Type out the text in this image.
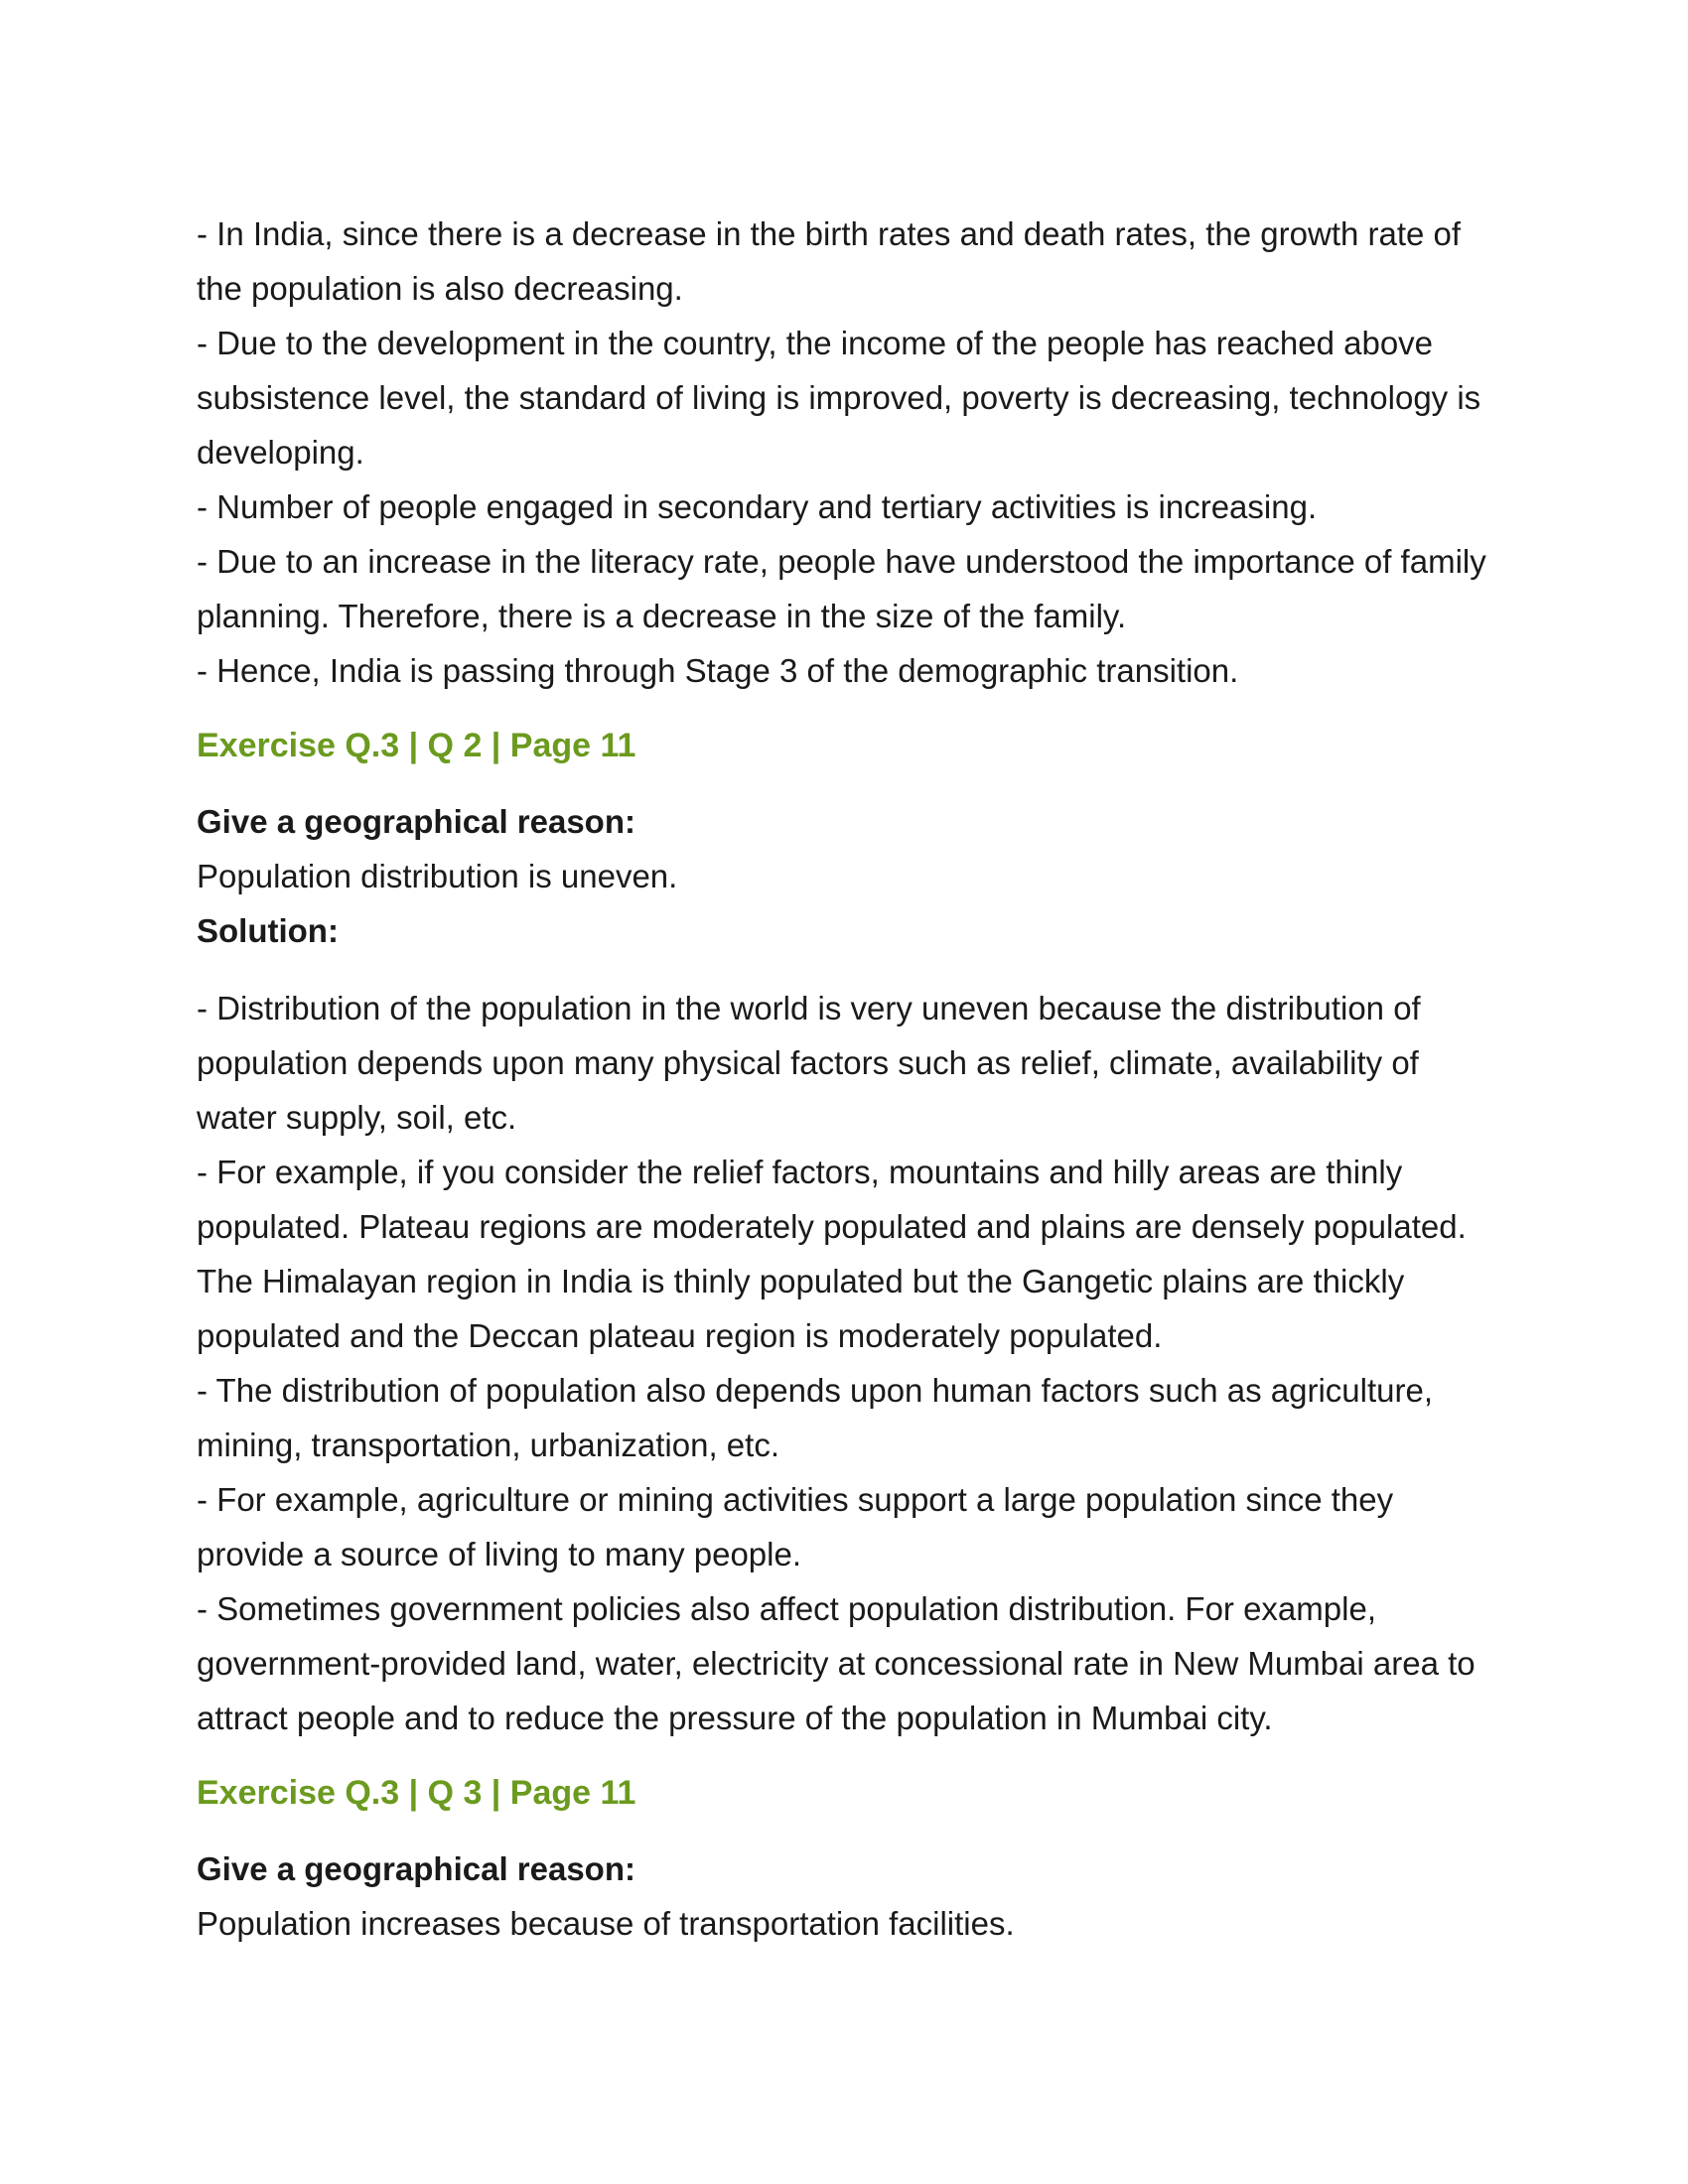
- In India, since there is a decrease in the birth rates and death rates, the growth rate of the population is also decreasing.

- Due to the development in the country, the income of the people has reached above subsistence level, the standard of living is improved, poverty is decreasing, technology is developing.

- Number of people engaged in secondary and tertiary activities is increasing.

- Due to an increase in the literacy rate, people have understood the importance of family planning. Therefore, there is a decrease in the size of the family.

- Hence, India is passing through Stage 3 of the demographic transition.

Exercise Q.3 | Q 2 | Page 11

Give a geographical reason:

Population distribution is uneven.

Solution:

- Distribution of the population in the world is very uneven because the distribution of population depends upon many physical factors such as relief, climate, availability of water supply, soil, etc.

- For example, if you consider the relief factors, mountains and hilly areas are thinly populated. Plateau regions are moderately populated and plains are densely populated. The Himalayan region in India is thinly populated but the Gangetic plains are thickly populated and the Deccan plateau region is moderately populated.

- The distribution of population also depends upon human factors such as agriculture, mining, transportation, urbanization, etc.

- For example, agriculture or mining activities support a large population since they provide a source of living to many people.

- Sometimes government policies also affect population distribution. For example, government-provided land, water, electricity at concessional rate in New Mumbai area to attract people and to reduce the pressure of the population in Mumbai city.

Exercise Q.3 | Q 3 | Page 11

Give a geographical reason:

Population increases because of transportation facilities.
